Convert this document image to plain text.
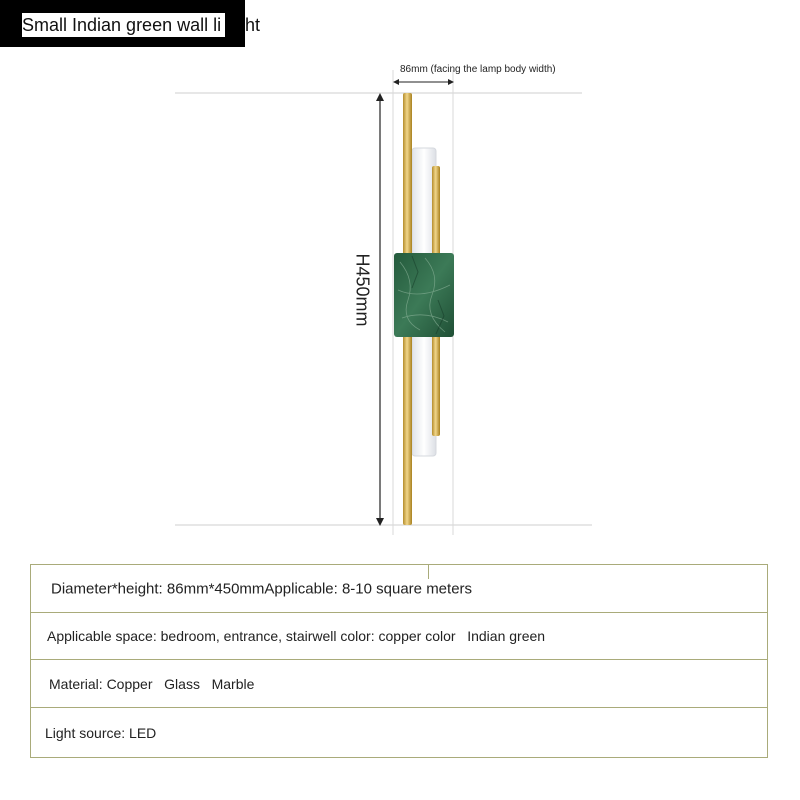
Small Indian green wall li ht
86mm (facing the lamp body width)
H450mm
Diameter*height: 86mm*450mmApplicable: 8-10 square meters
Applicable space: bedroom, entrance, stairwell color: copper color   Indian green
Material: Copper   Glass   Marble
Light source: LED
